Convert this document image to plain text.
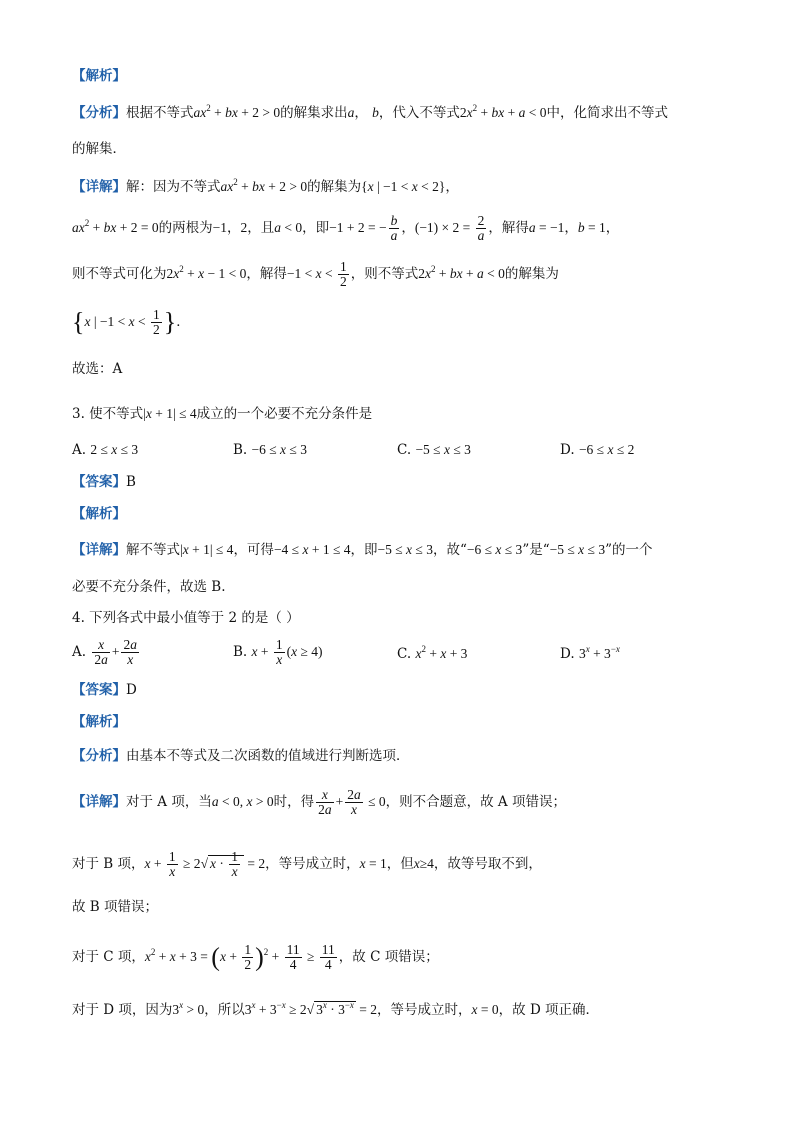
【解析】
【分析】根据不等式$ax^2$ + bx + 2 > 0的解集求出a， b，代入不等式$2x^2$ + bx + a < 0中，化简求出不等式
的解集．
【详解】解：因为不等式$ax^2$ + bx + 2 > 0的解集为{x | −1 < x < 2}，
$ax^2$ + bx + 2 = 0的两根为−1，2，且a < 0，即−1 + 2 = − $\frac{b}{a}$ ，$(-1) \times 2 = \frac{2}{a}$ ，解得a = −1，b = 1，
则不等式可化为$2x^2 + x - 1 < 0$，解得$-1 < x < \frac{1}{2}$ ，则不等式$2x^2$ + bx + a < 0的解集为
{x | $-1 < x < \frac{1}{2}$ }．
故选：A
3. 使不等式|x + 1| ≤ 4成立的一个必要不充分条件是
A. 2 ≤ x ≤ 3	B. −6 ≤ x ≤ 3	C. −5 ≤ x ≤ 3	D. −6 ≤ x ≤ 2
【答案】B
【解析】
【详解】解不等式|x + 1| ≤ 4，可得−4 ≤ x + 1 ≤ 4，即−5 ≤ x ≤ 3，故“−6 ≤ x ≤ 3”是“−5 ≤ x ≤ 3”的一个
必要不充分条件，故选 B.
4. 下列各式中最小值等于 2 的是（ ）
A. $\frac{x}{2a} + \frac{2a}{x}$	B. $x + \frac{1}{x} (x \ge 4)$	C. $x^2 + x + 3$	D. $3^x + 3^{-x}$
【答案】D
【解析】
【分析】由基本不等式及二次函数的值域进行判断选项．
【详解】对于 A 项，当a < 0, x > 0时，得 $\frac{x}{2a} + \frac{2a}{x} \le 0$，则不合题意，故 A 项错误；
对于 B 项，$x + \frac{1}{x} \ge 2√$ $x \cdot \frac{1}{x} = 2$，等号成立时，x = 1，但x≥4，故等号取不到，
故 B 项错误；
对于 C 项，$x^2 + x + 3 = (x + \frac{1}{2} )^2 + \frac{11}{4} \ge \frac{11}{4}$ ，故 C 项错误；
对于 D 项，因为$3^x > 0$，所以$3^x + 3^{-x} \ge 2√$ $3^x \cdot 3^{-x} = 2$，等号成立时，x = 0，故 D 项正确．
